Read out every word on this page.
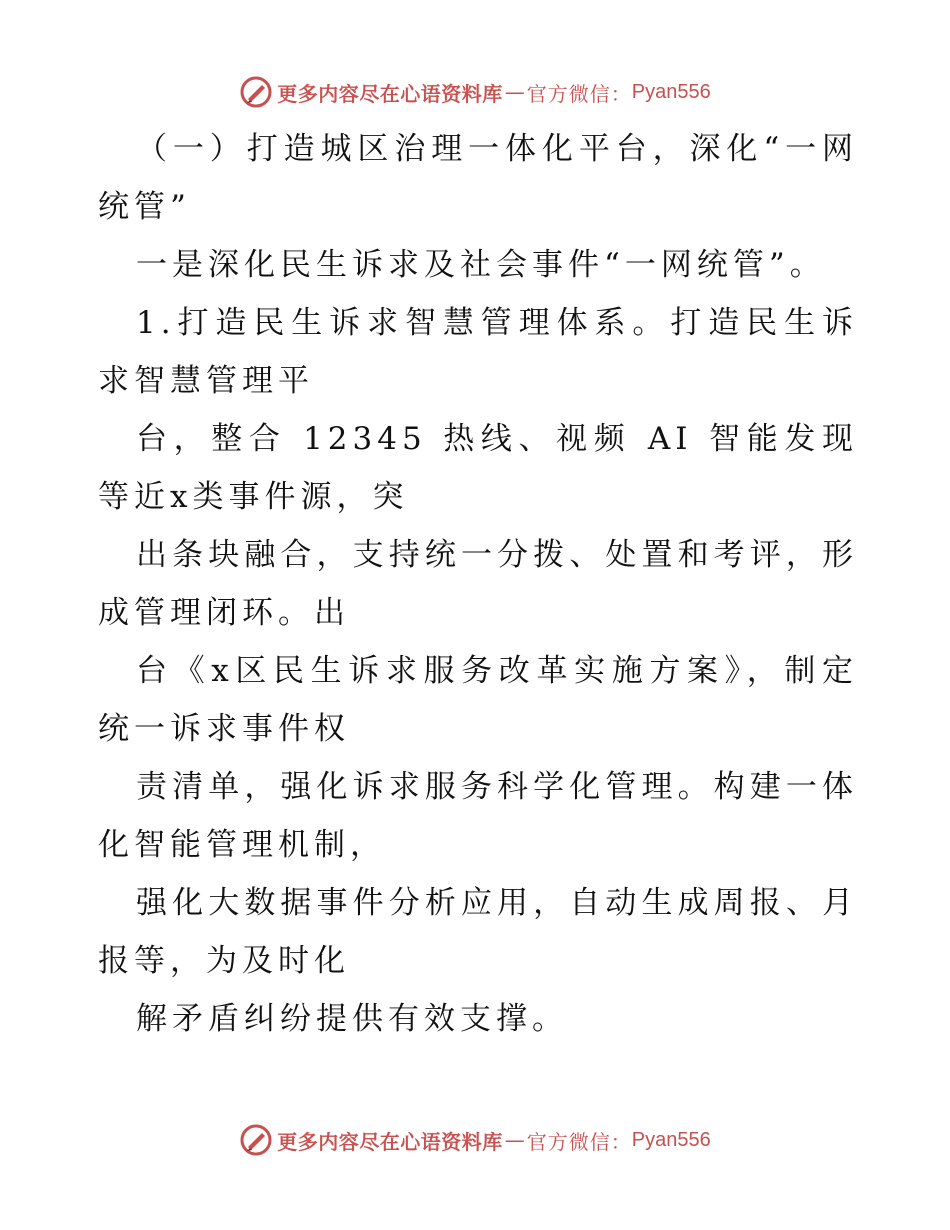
更多内容尽在心语资料库 — 官方微信： Pyan556

（一）打造城区治理一体化平台，深化“一网统管”

一是深化民生诉求及社会事件“一网统管”。

1.打造民生诉求智慧管理体系。打造民生诉求智慧管理平

台，整合 12345 热线、视频 AI 智能发现等近x类事件源，突

出条块融合，支持统一分拨、处置和考评，形成管理闭环。出

台《x区民生诉求服务改革实施方案》，制定统一诉求事件权

责清单，强化诉求服务科学化管理。构建一体化智能管理机制，

强化大数据事件分析应用，自动生成周报、月报等，为及时化

解矛盾纠纷提供有效支撑。

更多内容尽在心语资料库 — 官方微信： Pyan556
